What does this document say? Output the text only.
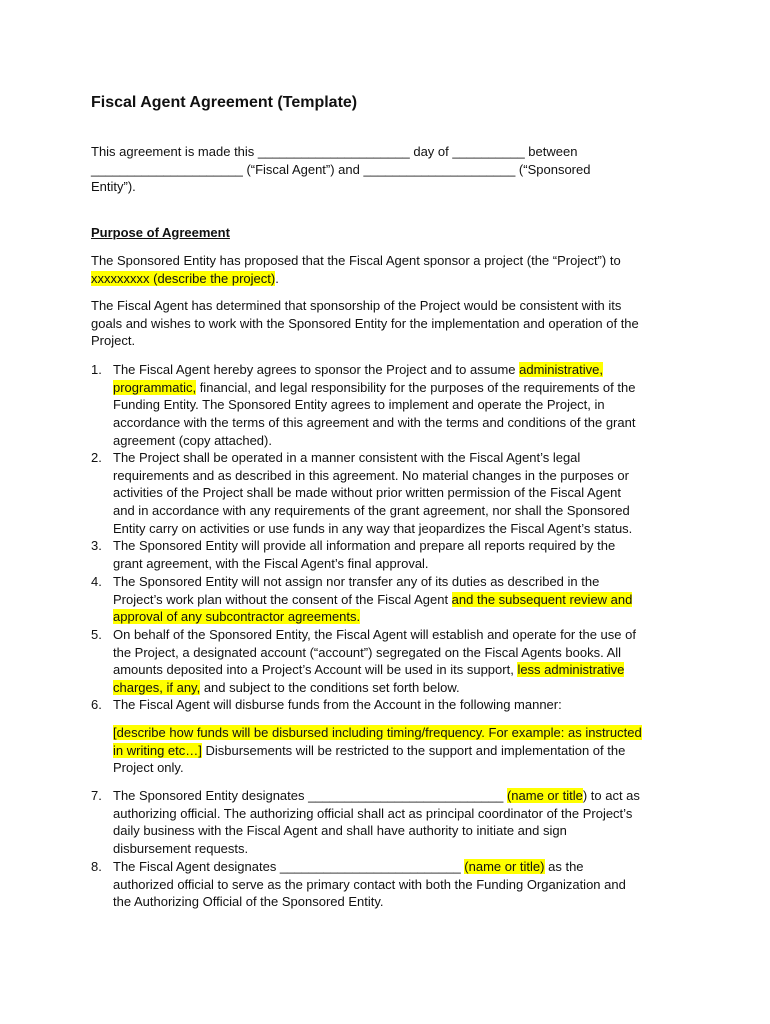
Fiscal Agent Agreement (Template)
This agreement is made this _____________________ day of __________ between
_____________________ (“Fiscal Agent”) and _____________________ (“Sponsored
Entity”).
Purpose of Agreement
The Sponsored Entity has proposed that the Fiscal Agent sponsor a project (the “Project”) to
xxxxxxxxx (describe the project).
The Fiscal Agent has determined that sponsorship of the Project would be consistent with its
goals and wishes to work with the Sponsored Entity for the implementation and operation of the
Project.
1. The Fiscal Agent hereby agrees to sponsor the Project and to assume administrative,
programmatic, financial, and legal responsibility for the purposes of the requirements of the
Funding Entity. The Sponsored Entity agrees to implement and operate the Project, in
accordance with the terms of this agreement and with the terms and conditions of the grant
agreement (copy attached).
2. The Project shall be operated in a manner consistent with the Fiscal Agent’s legal
requirements and as described in this agreement. No material changes in the purposes or
activities of the Project shall be made without prior written permission of the Fiscal Agent
and in accordance with any requirements of the grant agreement, nor shall the Sponsored
Entity carry on activities or use funds in any way that jeopardizes the Fiscal Agent’s status.
3. The Sponsored Entity will provide all information and prepare all reports required by the
grant agreement, with the Fiscal Agent’s final approval.
4. The Sponsored Entity will not assign nor transfer any of its duties as described in the
Project’s work plan without the consent of the Fiscal Agent and the subsequent review and
approval of any subcontractor agreements.
5. On behalf of the Sponsored Entity, the Fiscal Agent will establish and operate for the use of
the Project, a designated account (“account”) segregated on the Fiscal Agents books. All
amounts deposited into a Project’s Account will be used in its support, less administrative
charges, if any, and subject to the conditions set forth below.
6. The Fiscal Agent will disburse funds from the Account in the following manner:
[describe how funds will be disbursed including timing/frequency. For example: as instructed
in writing etc…] Disbursements will be restricted to the support and implementation of the
Project only.
7. The Sponsored Entity designates ___________________________ (name or title) to act as
authorizing official. The authorizing official shall act as principal coordinator of the Project’s
daily business with the Fiscal Agent and shall have authority to initiate and sign
disbursement requests.
8. The Fiscal Agent designates _________________________ (name or title) as the
authorized official to serve as the primary contact with both the Funding Organization and
the Authorizing Official of the Sponsored Entity.
